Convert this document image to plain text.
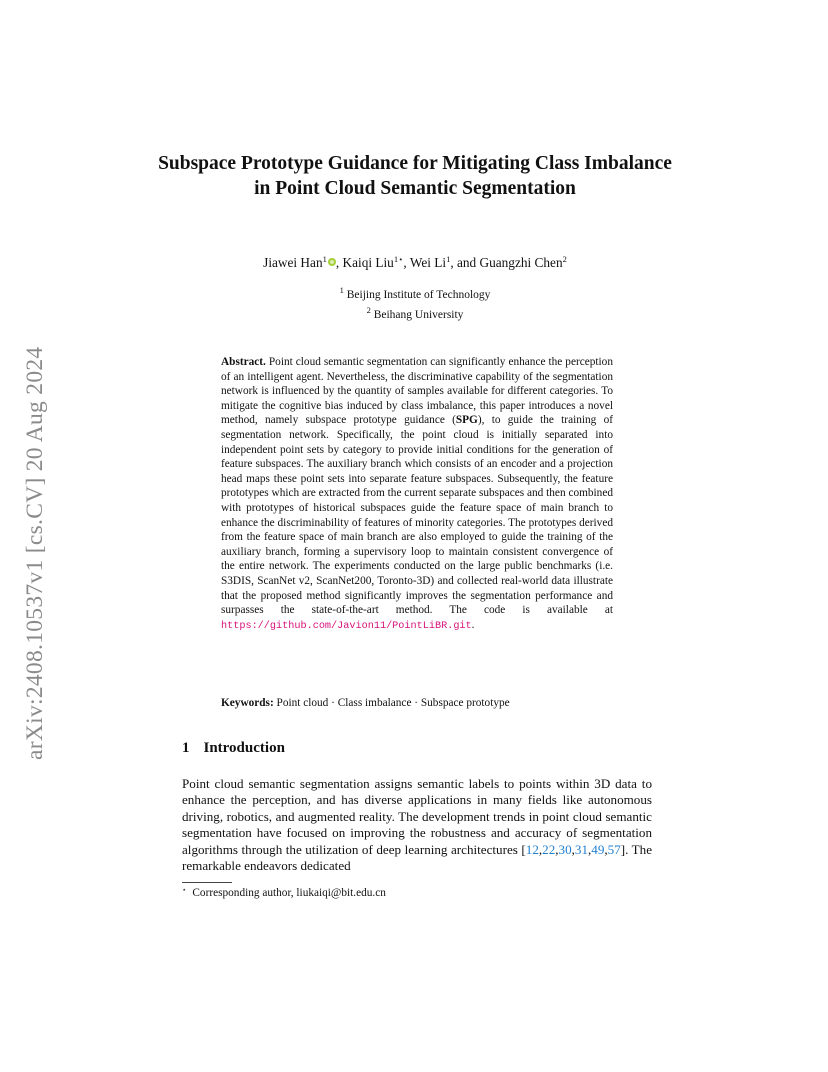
arXiv:2408.10537v1 [cs.CV] 20 Aug 2024
Subspace Prototype Guidance for Mitigating Class Imbalance in Point Cloud Semantic Segmentation
Jiawei Han$^1$ , Kaiqi Liu$^{1⋆}$, Wei Li$^1$, and Guangzhi Chen$^2$
$^1$ Beijing Institute of Technology
$^2$ Beihang University
Abstract. Point cloud semantic segmentation can significantly enhance the perception of an intelligent agent. Nevertheless, the discriminative capability of the segmentation network is influenced by the quantity of samples available for different categories. To mitigate the cognitive bias induced by class imbalance, this paper introduces a novel method, namely subspace prototype guidance (SPG), to guide the training of segmentation network. Specifically, the point cloud is initially separated into independent point sets by category to provide initial conditions for the generation of feature subspaces. The auxiliary branch which consists of an encoder and a projection head maps these point sets into separate feature subspaces. Subsequently, the feature prototypes which are extracted from the current separate subspaces and then combined with prototypes of historical subspaces guide the feature space of main branch to enhance the discriminability of features of minority categories. The prototypes derived from the feature space of main branch are also employed to guide the training of the auxiliary branch, forming a supervisory loop to maintain consistent convergence of the entire network. The experiments conducted on the large public benchmarks (i.e. S3DIS, ScanNet v2, ScanNet200, Toronto-3D) and collected real-world data illustrate that the proposed method significantly improves the segmentation performance and surpasses the state-of-the-art method. The code is available at https://github.com/Javion11/PointLiBR.git.
Keywords: Point cloud · Class imbalance · Subspace prototype
1 Introduction
Point cloud semantic segmentation assigns semantic labels to points within 3D data to enhance the perception, and has diverse applications in many fields like autonomous driving, robotics, and augmented reality. The development trends in point cloud semantic segmentation have focused on improving the robustness and accuracy of segmentation algorithms through the utilization of deep learning architectures [12,22,30,31,49,57]. The remarkable endeavors dedicated
⋆ Corresponding author, liukaiqi@bit.edu.cn
